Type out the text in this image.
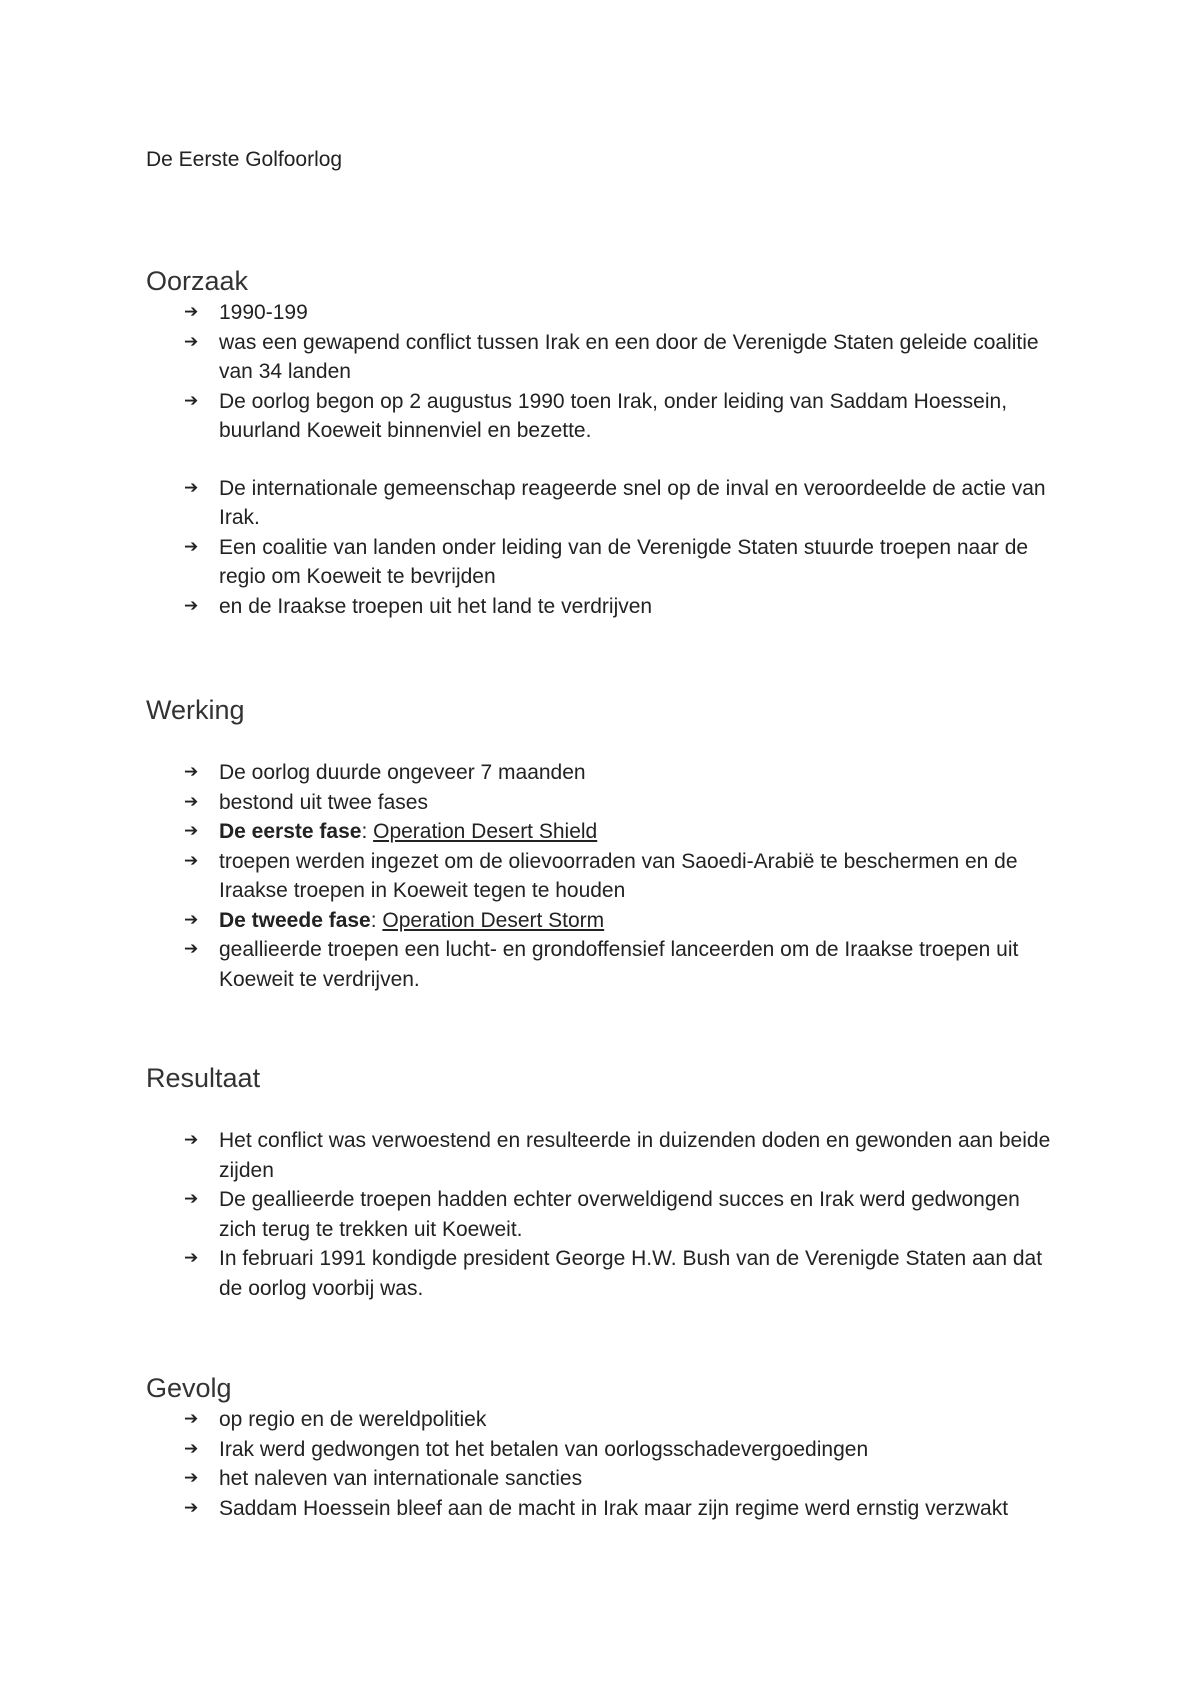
De Eerste Golfoorlog
Oorzaak
➔ 1990-199
➔ was een gewapend conflict tussen Irak en een door de Verenigde Staten geleide coalitie van 34 landen
➔ De oorlog begon op 2 augustus 1990 toen Irak, onder leiding van Saddam Hoessein, buurland Koeweit binnenviel en bezette.
➔ De internationale gemeenschap reageerde snel op de inval en veroordeelde de actie van Irak.
➔ Een coalitie van landen onder leiding van de Verenigde Staten stuurde troepen naar de regio om Koeweit te bevrijden
➔ en de Iraakse troepen uit het land te verdrijven
Werking
➔ De oorlog duurde ongeveer 7 maanden
➔ bestond uit twee fases
➔ De eerste fase: Operation Desert Shield
➔ troepen werden ingezet om de olievoorraden van Saoedi-Arabië te beschermen en de Iraakse troepen in Koeweit tegen te houden
➔ De tweede fase: Operation Desert Storm
➔ geallieerde troepen een lucht- en grondoffensief lanceerden om de Iraakse troepen uit Koeweit te verdrijven.
Resultaat
➔ Het conflict was verwoestend en resulteerde in duizenden doden en gewonden aan beide zijden
➔ De geallieerde troepen hadden echter overweldigend succes en Irak werd gedwongen zich terug te trekken uit Koeweit.
➔ In februari 1991 kondigde president George H.W. Bush van de Verenigde Staten aan dat de oorlog voorbij was.
Gevolg
➔ op regio en de wereldpolitiek
➔ Irak werd gedwongen tot het betalen van oorlogsschadevergoedingen
➔ het naleven van internationale sancties
➔ Saddam Hoessein bleef aan de macht in Irak maar zijn regime werd ernstig verzwakt
